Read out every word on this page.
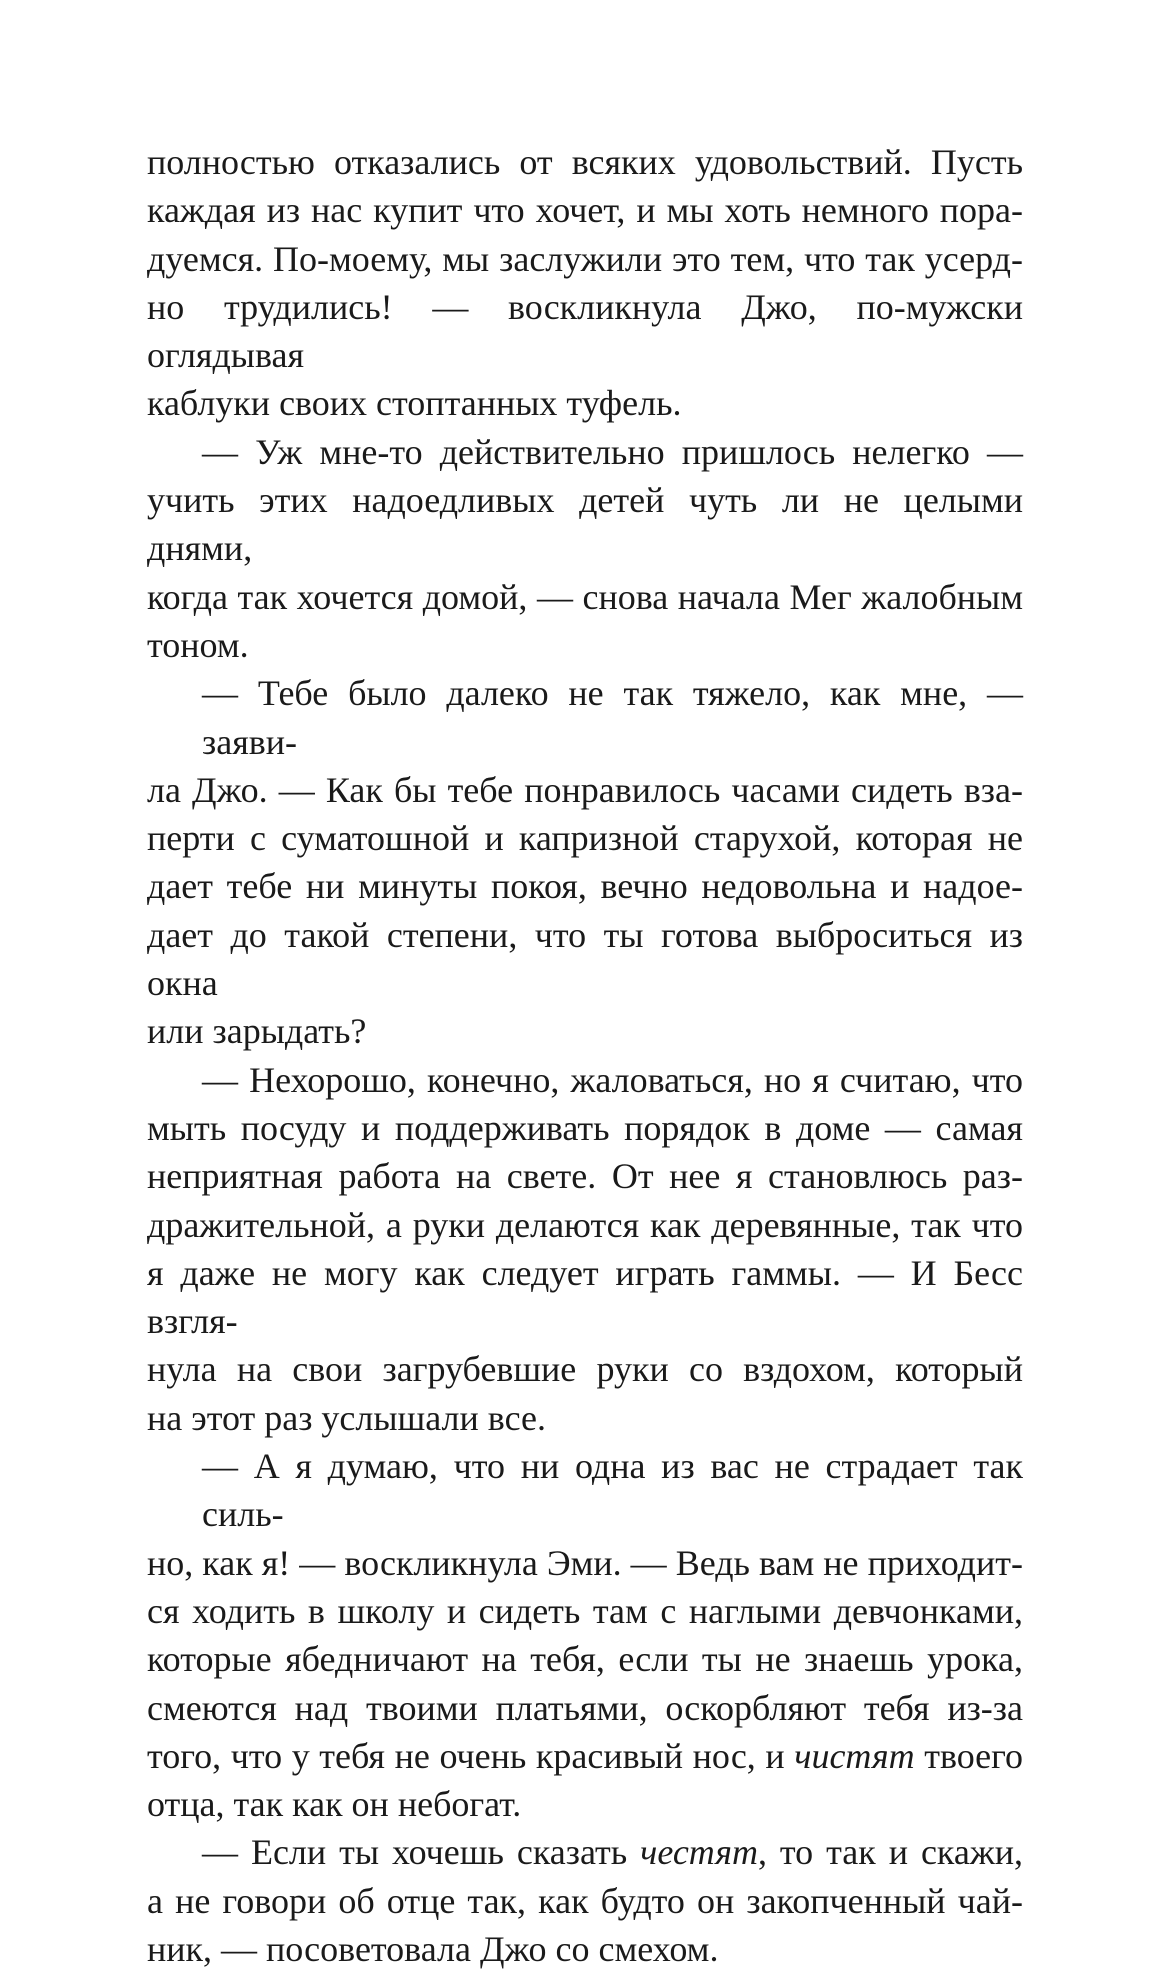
полностью отказались от всяких удовольствий. Пусть
каждая из нас купит что хочет, и мы хоть немного пора-
дуемся. По-моему, мы заслужили это тем, что так усерд-
но трудились! — воскликнула Джо, по-мужски оглядывая
каблуки своих стоптанных туфель.
— Уж мне-то действительно пришлось нелегко —
учить этих надоедливых детей чуть ли не целыми днями,
когда так хочется домой, — снова начала Мег жалобным
тоном.
— Тебе было далеко не так тяжело, как мне, — заяви-
ла Джо. — Как бы тебе понравилось часами сидеть вза-
перти с суматошной и капризной старухой, которая не
дает тебе ни минуты покоя, вечно недовольна и надое-
дает до такой степени, что ты готова выброситься из окна
или зарыдать?
— Нехорошо, конечно, жаловаться, но я считаю, что
мыть посуду и поддерживать порядок в доме — самая
неприятная работа на свете. От нее я становлюсь раз-
дражительной, а руки делаются как деревянные, так что
я даже не могу как следует играть гаммы. — И Бесс взгля-
нула на свои загрубевшие руки со вздохом, который
на этот раз услышали все.
— А я думаю, что ни одна из вас не страдает так силь-
но, как я! — воскликнула Эми. — Ведь вам не приходит-
ся ходить в школу и сидеть там с наглыми девчонками,
которые ябедничают на тебя, если ты не знаешь урока,
смеются над твоими платьями, оскорбляют тебя из-за
того, что у тебя не очень красивый нос, и чистят твоего
отца, так как он небогат.
— Если ты хочешь сказать честят, то так и скажи,
а не говори об отце так, как будто он закопченный чай-
ник, — посоветовала Джо со смехом.
